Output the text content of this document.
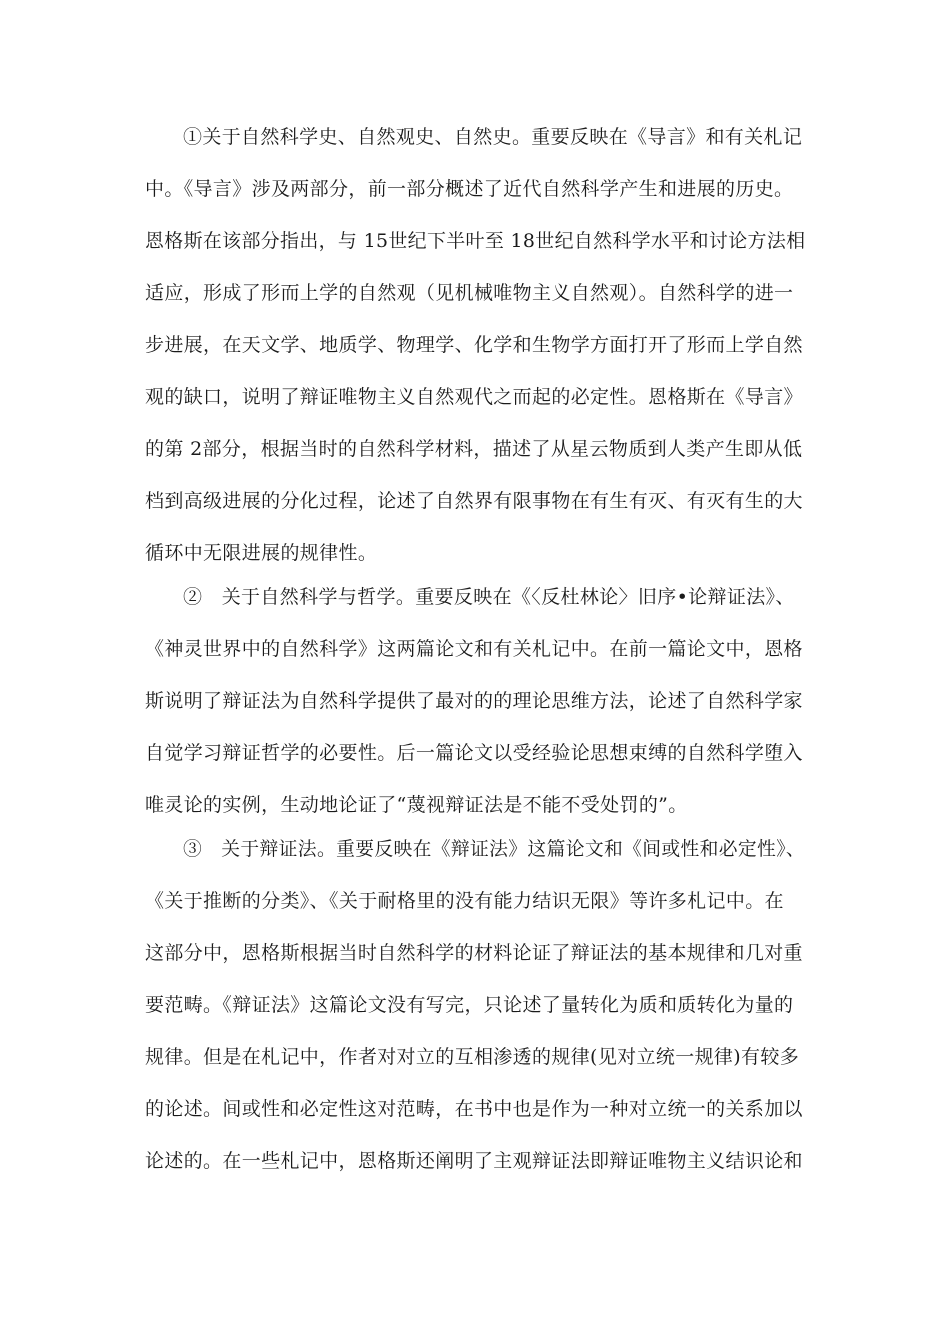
①关于自然科学史、自然观史、自然史。重要反映在《导言》和有关札记
中。《导言》涉及两部分，前一部分概述了近代自然科学产生和进展的历史。
恩格斯在该部分指出，与 15世纪下半叶至 18世纪自然科学水平和讨论方法相
适应，形成了形而上学的自然观（见机械唯物主义自然观）。自然科学的进一
步进展，在天文学、地质学、物理学、化学和生物学方面打开了形而上学自然
观的缺口，说明了辩证唯物主义自然观代之而起的必定性。恩格斯在《导言》
的第 2部分，根据当时的自然科学材料，描述了从星云物质到人类产生即从低
档到高级进展的分化过程，论述了自然界有限事物在有生有灭、有灭有生的大
循环中无限进展的规律性。
②　关于自然科学与哲学。重要反映在《〈反杜林论〉旧序•论辩证法》、
《神灵世界中的自然科学》这两篇论文和有关札记中。在前一篇论文中，恩格
斯说明了辩证法为自然科学提供了最对的的理论思维方法，论述了自然科学家
自觉学习辩证哲学的必要性。后一篇论文以受经验论思想束缚的自然科学堕入
唯灵论的实例，生动地论证了“蔑视辩证法是不能不受处罚的”。
③　关于辩证法。重要反映在《辩证法》这篇论文和《间或性和必定性》、
《关于推断的分类》、《关于耐格里的没有能力结识无限》等许多札记中。在
这部分中，恩格斯根据当时自然科学的材料论证了辩证法的基本规律和几对重
要范畴。《辩证法》这篇论文没有写完，只论述了量转化为质和质转化为量的
规律。但是在札记中，作者对对立的互相渗透的规律(见对立统一规律)有较多
的论述。间或性和必定性这对范畴，在书中也是作为一种对立统一的关系加以
论述的。在一些札记中，恩格斯还阐明了主观辩证法即辩证唯物主义结识论和
